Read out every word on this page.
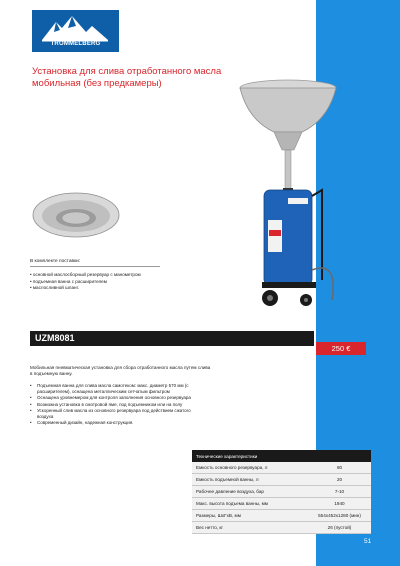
TROMMELBERG
Установка для слива отработанного масла
мобильная (без предкамеры)
В комплекте поставки:
• основной маслосборный резервуар с манометром
• подъемная ванна с расширителем
• маслосливной шланг.
UZM8081
250 €
Мобильная пневматическая установка для сбора отработанного масла путем слива
в подъемную ванну.
• Подъемная ванна для слива масла самотеком: макс. диаметр 570 мм (с расширителем), оснащена металлическим сетчатым фильтром
• Оснащена уровнемером для контроля заполнения основного резервуара
• Возможна установка в смотровой яме, под подъемником или на полу
• Ускоренный слив масла из основного резервуара под действием сжатого воздуха
• Современный дизайн, надежная конструкция.
Технические характеристики	
Емкость основного резервуара, л	80
Емкость подъемной ванны, л	20
Рабочее давление воздуха, бар	7-10
Макс. высота подъема ванны, мм	1940
Размеры, ШхГхВ, мм	554х452х1280 (мин)
Вес нетто, кг	26 (пустой)
51
